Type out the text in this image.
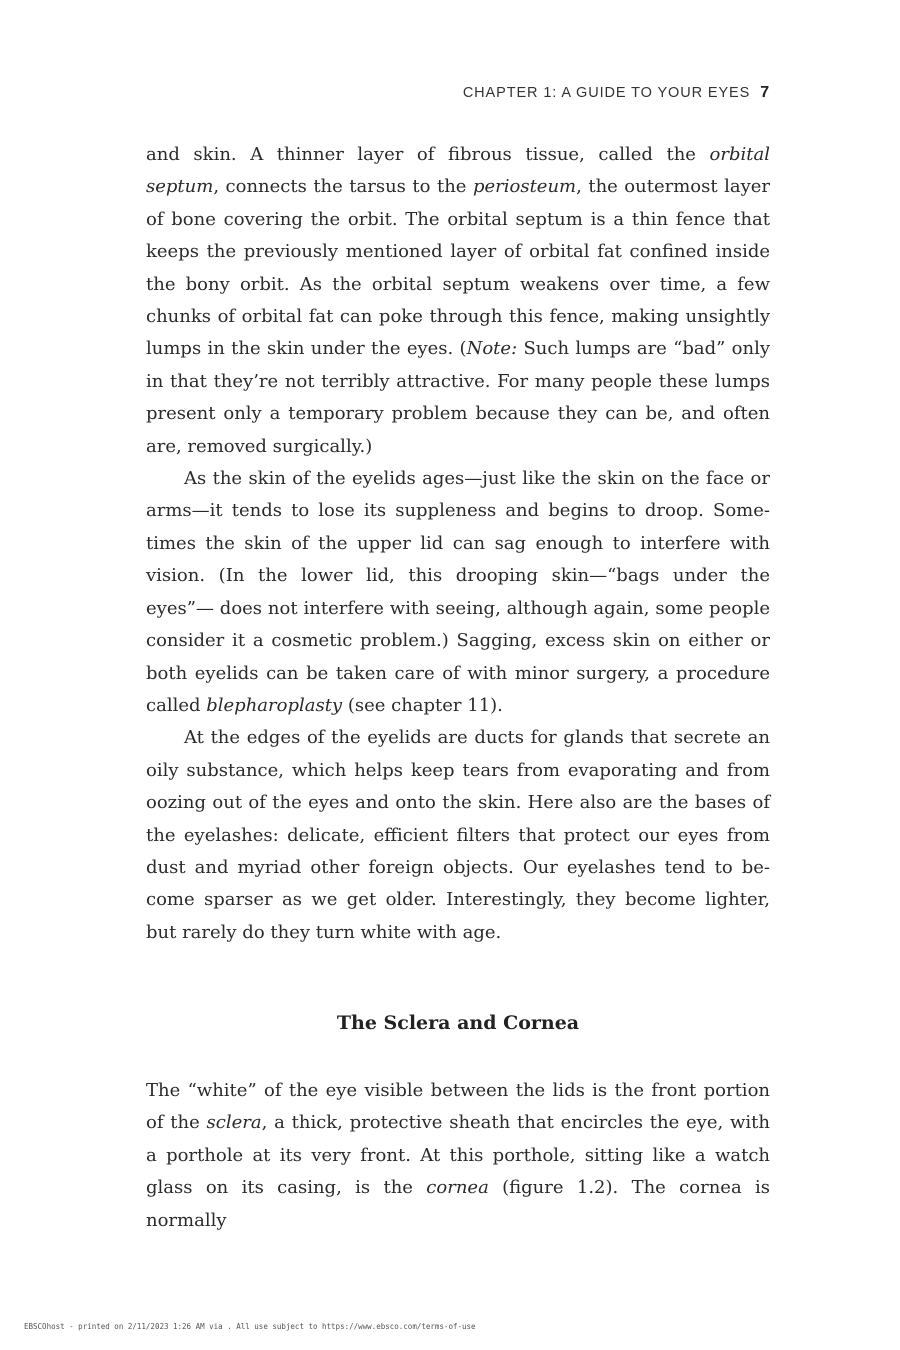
CHAPTER 1: A GUIDE TO YOUR EYES 7

and skin. A thinner layer of fibrous tissue, called the orbital septum, connects the tarsus to the periosteum, the outermost layer of bone covering the orbit. The orbital septum is a thin fence that keeps the previously mentioned layer of orbital fat confined inside the bony orbit. As the orbital septum weakens over time, a few chunks of orbital fat can poke through this fence, making unsightly lumps in the skin under the eyes. (Note: Such lumps are “bad” only in that they’re not terribly attractive. For many people these lumps present only a temporary problem because they can be, and often are, removed surgically.)

As the skin of the eyelids ages—just like the skin on the face or arms—it tends to lose its suppleness and begins to droop. Sometimes the skin of the upper lid can sag enough to interfere with vision. (In the lower lid, this drooping skin—“bags under the eyes”— does not interfere with seeing, although again, some people consider it a cosmetic problem.) Sagging, excess skin on either or both eyelids can be taken care of with minor surgery, a procedure called blepharoplasty (see chapter 11).

At the edges of the eyelids are ducts for glands that secrete an oily substance, which helps keep tears from evaporating and from oozing out of the eyes and onto the skin. Here also are the bases of the eyelashes: delicate, efficient filters that protect our eyes from dust and myriad other foreign objects. Our eyelashes tend to become sparser as we get older. Interestingly, they become lighter, but rarely do they turn white with age.

The Sclera and Cornea

The “white” of the eye visible between the lids is the front portion of the sclera, a thick, protective sheath that encircles the eye, with a porthole at its very front. At this porthole, sitting like a watch glass on its casing, is the cornea (figure 1.2). The cornea is normally

EBSCOhost - printed on 2/11/2023 1:26 AM via . All use subject to https://www.ebsco.com/terms-of-use
